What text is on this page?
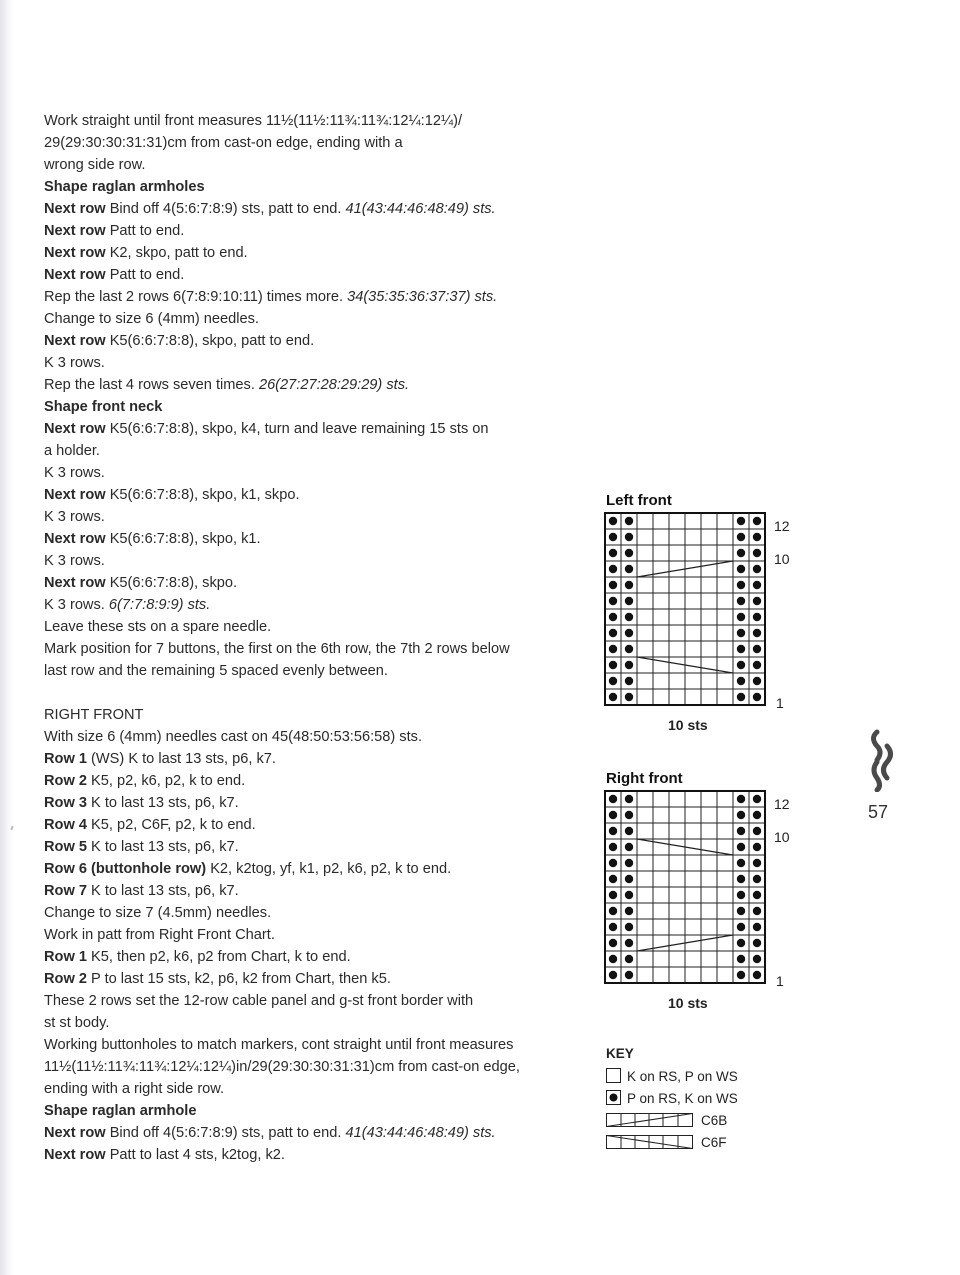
Work straight until front measures 11½(11½:11¾:11¾:12¼:12¼)/
29(29:30:30:31:31)cm from cast-on edge, ending with a
wrong side row.
Shape raglan armholes
Next row Bind off 4(5:6:7:8:9) sts, patt to end. 41(43:44:46:48:49) sts.
Next row Patt to end.
Next row K2, skpo, patt to end.
Next row Patt to end.
Rep the last 2 rows 6(7:8:9:10:11) times more. 34(35:35:36:37:37) sts.
Change to size 6 (4mm) needles.
Next row K5(6:6:7:8:8), skpo, patt to end.
K 3 rows.
Rep the last 4 rows seven times. 26(27:27:28:29:29) sts.
Shape front neck
Next row K5(6:6:7:8:8), skpo, k4, turn and leave remaining 15 sts on
a holder.
K 3 rows.
Next row K5(6:6:7:8:8), skpo, k1, skpo.
K 3 rows.
Next row K5(6:6:7:8:8), skpo, k1.
K 3 rows.
Next row K5(6:6:7:8:8), skpo.
K 3 rows. 6(7:7:8:9:9) sts.
Leave these sts on a spare needle.
Mark position for 7 buttons, the first on the 6th row, the 7th 2 rows below
last row and the remaining 5 spaced evenly between.
RIGHT FRONT
With size 6 (4mm) needles cast on 45(48:50:53:56:58) sts.
Row 1 (WS) K to last 13 sts, p6, k7.
Row 2 K5, p2, k6, p2, k to end.
Row 3 K to last 13 sts, p6, k7.
Row 4 K5, p2, C6F, p2, k to end.
Row 5 K to last 13 sts, p6, k7.
Row 6 (buttonhole row) K2, k2tog, yf, k1, p2, k6, p2, k to end.
Row 7 K to last 13 sts, p6, k7.
Change to size 7 (4.5mm) needles.
Work in patt from Right Front Chart.
Row 1 K5, then p2, k6, p2 from Chart, k to end.
Row 2 P to last 15 sts, k2, p6, k2 from Chart, then k5.
These 2 rows set the 12-row cable panel and g-st front border with
st st body.
Working buttonholes to match markers, cont straight until front measures
11½(11½:11¾:11¾:12¼:12¼)in/29(29:30:30:31:31)cm from cast-on edge,
ending with a right side row.
Shape raglan armhole
Next row Bind off 4(5:6:7:8:9) sts, patt to end. 41(43:44:46:48:49) sts.
Next row Patt to last 4 sts, k2tog, k2.
Left front
12
10
1
10 sts
Right front
12
10
1
10 sts
KEY
K on RS, P on WS
P on RS, K on WS
C6B
C6F
57
